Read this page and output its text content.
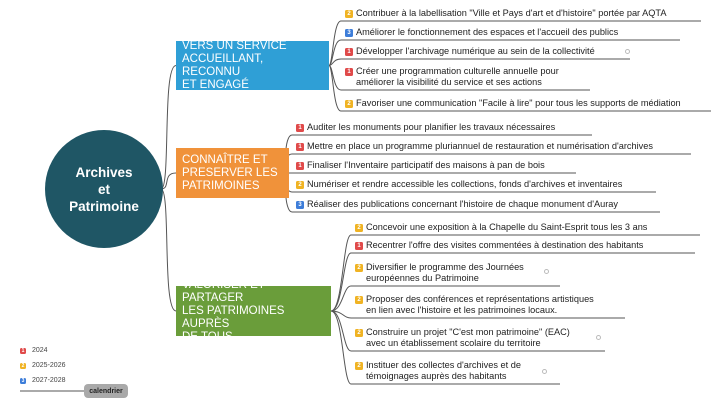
Archives
et
Patrimoine
VERS UN SERVICE
ACCUEILLANT, RECONNU
ET ENGAGÉ
2 Contribuer à la labellisation "Ville et Pays d'art et d'histoire" portée par AQTA
3 Améliorer le fonctionnement des espaces et l'accueil des publics
1 Développer l'archivage numérique au sein de la collectivité
1 Créer une programmation culturelle annuelle pour
améliorer la visibilité du service et ses actions
2 Favoriser une communication "Facile à lire" pour tous les supports de médiation
CONNAÎTRE ET
PRESERVER LES
PATRIMOINES
1 Auditer les monuments pour planifier les travaux nécessaires
1 Mettre en place un programme pluriannuel de restauration et numérisation d'archives
1 Finaliser l'Inventaire participatif des maisons à pan de bois
2 Numériser et rendre accessible les collections, fonds d'archives et inventaires
3 Réaliser des publications concernant l'histoire de chaque monument d'Auray
VALORISER ET PARTAGER
LES PATRIMOINES AUPRÈS
DE TOUS
2 Concevoir une exposition à la Chapelle du Saint-Esprit tous les 3 ans
1 Recentrer l'offre des visites commentées à destination des habitants
2 Diversifier le programme des Journées
européennes du Patrimoine
2 Proposer des conférences et représentations artistiques
en lien avec l'histoire et les patrimoines locaux.
2 Construire un projet "C'est mon patrimoine" (EAC)
avec un établissement scolaire du territoire
2 Instituer des collectes d'archives et de
témoignages auprès des habitants
1 2024
2 2025-2026
3 2027-2028
calendrier
